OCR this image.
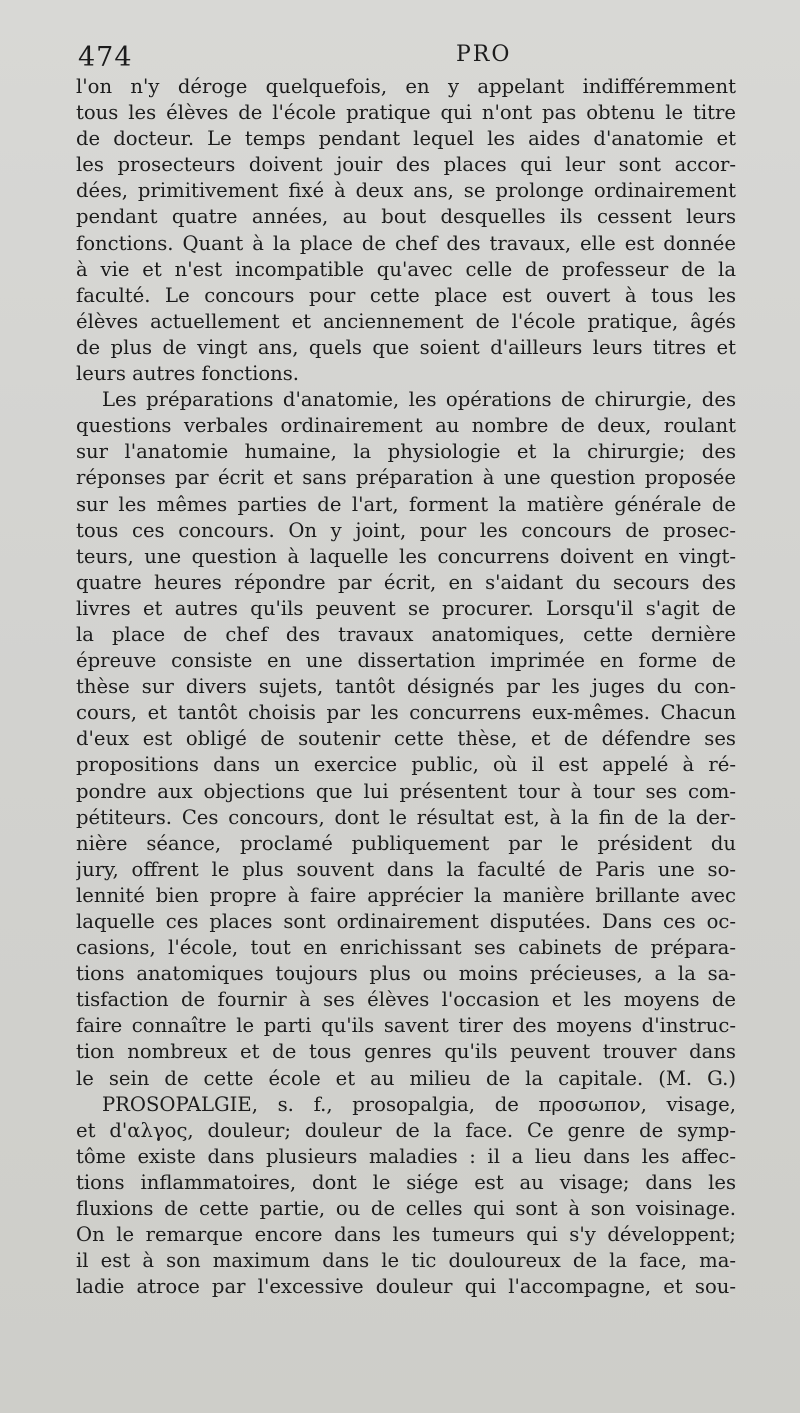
474	PRO
l'on n'y déroge quelquefois, en y appelant indifféremment
tous les élèves de l'école pratique qui n'ont pas obtenu le titre
de docteur. Le temps pendant lequel les aides d'anatomie et
les prosecteurs doivent jouir des places qui leur sont accor-
dées, primitivement fixé à deux ans, se prolonge ordinairement
pendant quatre années, au bout desquelles ils cessent leurs
fonctions. Quant à la place de chef des travaux, elle est donnée
à vie et n'est incompatible qu'avec celle de professeur de la
faculté. Le concours pour cette place est ouvert à tous les
élèves actuellement et anciennement de l'école pratique, âgés
de plus de vingt ans, quels que soient d'ailleurs leurs titres et
leurs autres fonctions.
Les préparations d'anatomie, les opérations de chirurgie, des
questions verbales ordinairement au nombre de deux, roulant
sur l'anatomie humaine, la physiologie et la chirurgie; des
réponses par écrit et sans préparation à une question proposée
sur les mêmes parties de l'art, forment la matière générale de
tous ces concours. On y joint, pour les concours de prosec-
teurs, une question à laquelle les concurrens doivent en vingt-
quatre heures répondre par écrit, en s'aidant du secours des
livres et autres qu'ils peuvent se procurer. Lorsqu'il s'agit de
la place de chef des travaux anatomiques, cette dernière
épreuve consiste en une dissertation imprimée en forme de
thèse sur divers sujets, tantôt désignés par les juges du con-
cours, et tantôt choisis par les concurrens eux-mêmes. Chacun
d'eux est obligé de soutenir cette thèse, et de défendre ses
propositions dans un exercice public, où il est appelé à ré-
pondre aux objections que lui présentent tour à tour ses com-
pétiteurs. Ces concours, dont le résultat est, à la fin de la der-
nière séance, proclamé publiquement par le président du
jury, offrent le plus souvent dans la faculté de Paris une so-
lennité bien propre à faire apprécier la manière brillante avec
laquelle ces places sont ordinairement disputées. Dans ces oc-
casions, l'école, tout en enrichissant ses cabinets de prépara-
tions anatomiques toujours plus ou moins précieuses, a la sa-
tisfaction de fournir à ses élèves l'occasion et les moyens de
faire connaître le parti qu'ils savent tirer des moyens d'instruc-
tion nombreux et de tous genres qu'ils peuvent trouver dans
le sein de cette école et au milieu de la capitale. (M. G.)
PROSOPALGIE, s. f., prosopalgia, de προσωπον, visage,
et d'αλγος, douleur; douleur de la face. Ce genre de symp-
tôme existe dans plusieurs maladies : il a lieu dans les affec-
tions inflammatoires, dont le siége est au visage; dans les
fluxions de cette partie, ou de celles qui sont à son voisinage.
On le remarque encore dans les tumeurs qui s'y développent;
il est à son maximum dans le tic douloureux de la face, ma-
ladie atroce par l'excessive douleur qui l'accompagne, et sou-
